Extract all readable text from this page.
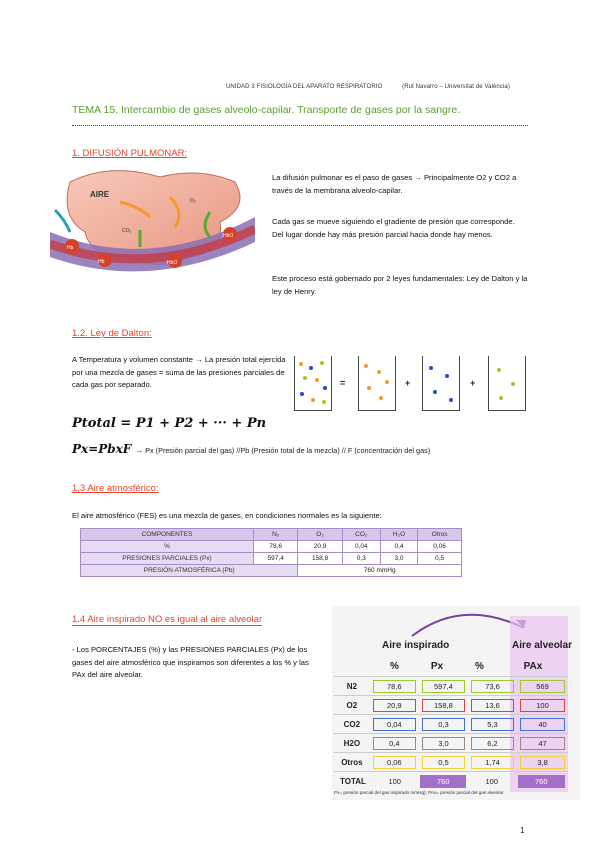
UNIDAD 3 FISIOLOGÍA DEL APARATO RESPIRATORIO	(Rut Navarro – Universitat de València)
TEMA 15. Intercambio de gases alveolo-capilar. Transporte de gases por la sangre.
1. DIFUSIÓN PULMONAR:
AIRE
Hb
Hb	HbO
HbO
CO₂
O₂
La difusión pulmonar es el paso de gases → Principalmente O2 y CO2 a través de la membrana alveolo-capilar.
Cada gas se mueve siguiendo el gradiente de presión que corresponde. Del lugar donde hay más presión parcial hacia donde hay menos.
Este proceso está gobernado por 2 leyes fundamentales: Ley de Dalton y la ley de Henry.
1.2. Ley de Dalton:
A Temperatura y volumen constante → La presión total ejercida por una mezcla de gases = suma de las presiones parciales de cada gas por separado.	=	+	+
Ptotal = P1 + P2 + ··· + Pn
Px=PbxF → Px (Presión parcial del gas) //Pb (Presión total de la mezcla) // F (concentración del gas)
1.3 Aire atmosférico:
El aire atmosférico (FES) es una mezcla de gases, en condiciones normales es la siguiente:
COMPONENTES	N₂	O₂	CO₂	H₂O	Otros
%	78,6	20,9	0,04	0,4	0,06
PRESIONES PARCIALES (Px)	597,4	158,8	0,3	3,0	0,5
PRESIÓN ATMOSFÉRICA (Pb)		760 mmHg			
1.4 Aire inspirado NO es igual al aire alveolar
- Los PORCENTAJES (%) y las PRESIONES PARCIALES (Px) de los gases del aire atmosférico que inspiramos son diferentes a los % y las PAx del aire alveolar.
Aire inspirado	Aire alveolar
	%	Px	%	PAx
N2	78,6	597,4	73,6	569
O2	20,9	158,8	13,6	100
CO2	0,04	0,3	5,3	40
H2O	0,4	3,0	6,2	47
Otros	0,06	0,5	1,74	3,8
TOTAL	100	760	100	760
Px= presión parcial del gas inspirado mmHg); PAx= presión parcial del gas alveolar
1
